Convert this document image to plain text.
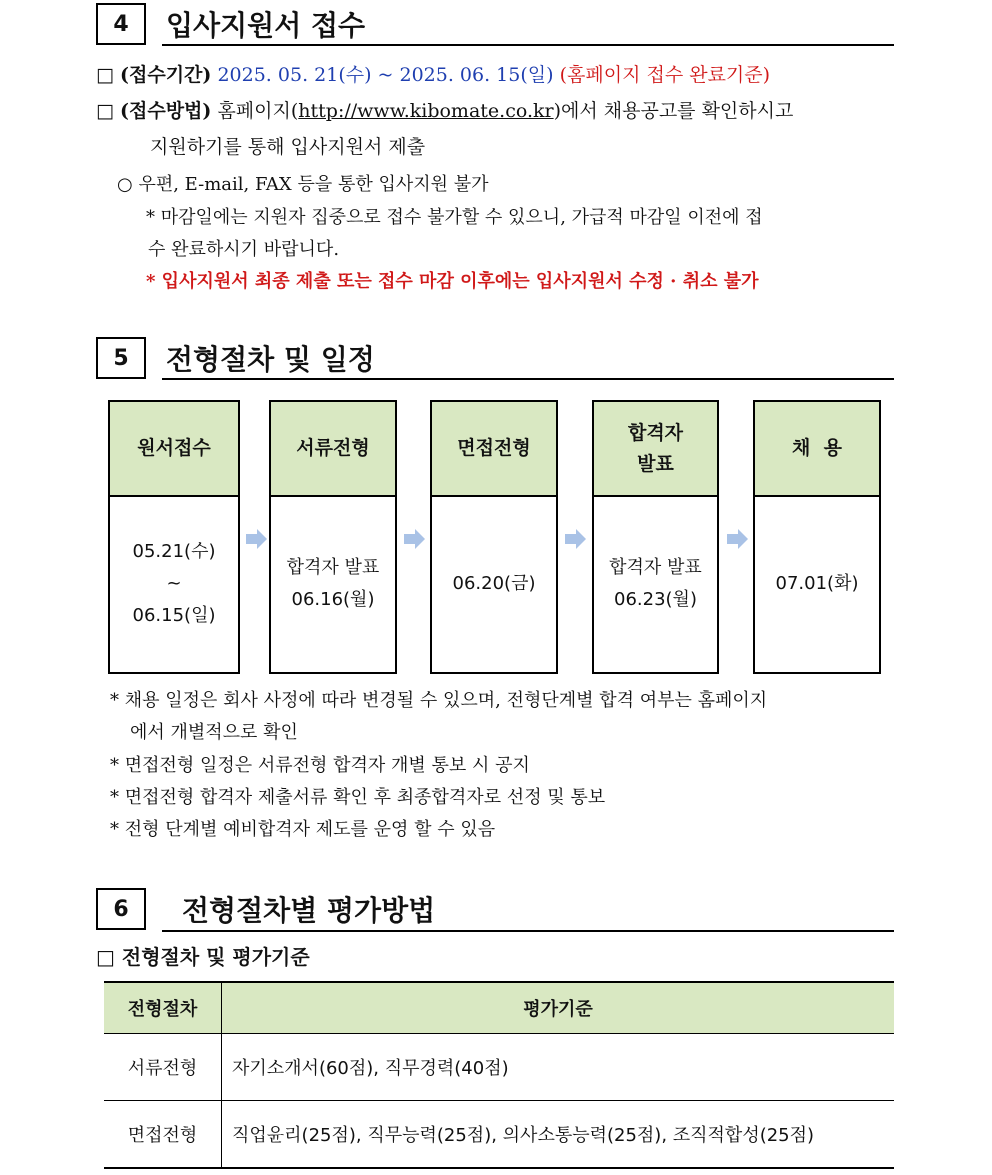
4	입사지원서 접수
□ (접수기간) 2025. 05. 21(수) ~ 2025. 06. 15(일) (홈페이지 접수 완료기준)
□ (접수방법) 홈페이지(http://www.kibomate.co.kr)에서 채용공고를 확인하시고
지원하기를 통해 입사지원서 제출
○ 우편, E-mail, FAX 등을 통한 입사지원 불가
* 마감일에는 지원자 집중으로 접수 불가할 수 있으니, 가급적 마감일 이전에 접
수 완료하시기 바랍니다.
* 입사지원서 최종 제출 또는 접수 마감 이후에는 입사지원서 수정 · 취소 불가
5	전형절차 및 일정
원서접수
05.21(수)
~
06.15(일)
서류전형
합격자 발표
06.16(월)
면접전형
06.20(금)
합격자
발표
합격자 발표
06.23(월)
채  용
07.01(화)
* 채용 일정은 회사 사정에 따라 변경될 수 있으며, 전형단계별 합격 여부는 홈페이지
에서 개별적으로 확인
* 면접전형 일정은 서류전형 합격자 개별 통보 시 공지
* 면접전형 합격자 제출서류 확인 후 최종합격자로 선정 및 통보
* 전형 단계별 예비합격자 제도를 운영 할 수 있음
6	전형절차별 평가방법
□ 전형절차 및 평가기준
전형절차	평가기준
서류전형	자기소개서(60점), 직무경력(40점)
면접전형	직업윤리(25점), 직무능력(25점), 의사소통능력(25점), 조직적합성(25점)
